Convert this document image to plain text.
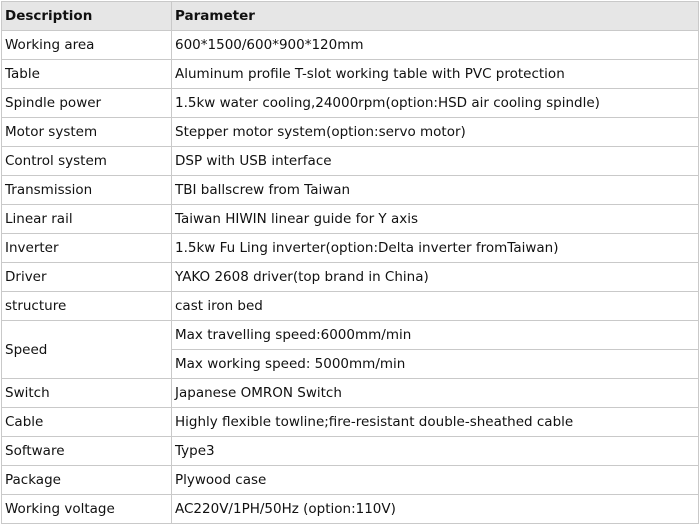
Description	Parameter
Working area	600*1500/600*900*120mm
Table	Aluminum profile T-slot working table with PVC protection
Spindle power	1.5kw water cooling,24000rpm(option:HSD air cooling spindle)
Motor system	Stepper motor system(option:servo motor)
Control system	DSP with USB interface
Transmission	TBI ballscrew from Taiwan
Linear rail	Taiwan HIWIN linear guide for Y axis
Inverter	1.5kw Fu Ling inverter(option:Delta inverter fromTaiwan)
Driver	YAKO 2608 driver(top brand in China)
structure	cast iron bed
Speed	Max travelling speed:6000mm/min
	Max working speed: 5000mm/min
Switch	Japanese OMRON Switch
Cable	Highly flexible towline;fire-resistant double-sheathed cable
Software	Type3
Package	Plywood case
Working voltage	AC220V/1PH/50Hz (option:110V)
